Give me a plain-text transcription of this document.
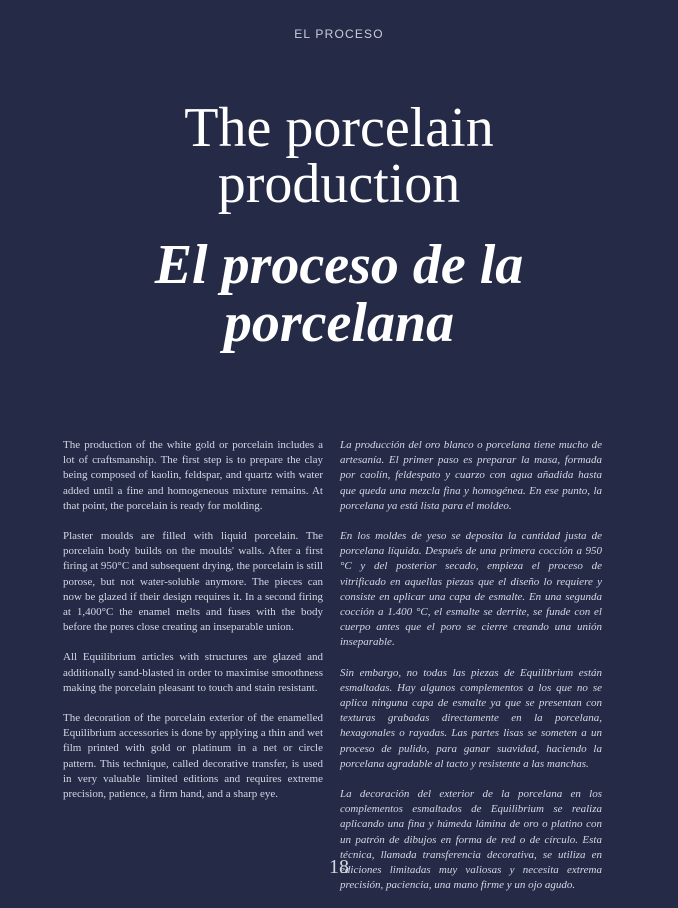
EL PROCESO
The porcelain
production
El proceso de la
porcelana

The production of the white gold or porcelain includes a lot of craftsmanship. The first step is to prepare the clay being composed of kaolin, feldspar, and quartz with water added until a fine and homogeneous mixture remains. At that point, the porcelain is ready for molding.

Plaster moulds are filled with liquid porcelain. The porcelain body builds on the moulds' walls. After a first firing at 950°C and subsequent drying, the porcelain is still porose, but not water-soluble anymore. The pieces can now be glazed if their design requires it. In a second firing at 1,400°C the enamel melts and fuses with the body before the pores close creating an inseparable union.

All Equilibrium articles with structures are glazed and additionally sand-blasted in order to maximise smoothness making the porcelain pleasant to touch and stain resistant.

The decoration of the porcelain exterior of the enamelled Equilibrium accessories is done by applying a thin and wet film printed with gold or platinum in a net or circle pattern. This technique, called decorative transfer, is used in very valuable limited editions and requires extreme precision, patience, a firm hand, and a sharp eye.

La producción del oro blanco o porcelana tiene mucho de artesanía. El primer paso es preparar la masa, formada por caolín, feldespato y cuarzo con agua añadida hasta que queda una mezcla fina y homogénea. En ese punto, la porcelana ya está lista para el moldeo.

En los moldes de yeso se deposita la cantidad justa de porcelana líquida. Después de una primera cocción a 950 °C y del posterior secado, empieza el proceso de vitrificado en aquellas piezas que el diseño lo requiere y consiste en aplicar una capa de esmalte. En una segunda cocción a 1.400 °C, el esmalte se derrite, se funde con el cuerpo antes que el poro se cierre creando una unión inseparable.

Sin embargo, no todas las piezas de Equilibrium están esmaltadas. Hay algunos complementos a los que no se aplica ninguna capa de esmalte ya que se presentan con texturas grabadas directamente en la porcelana, hexagonales o rayadas. Las partes lisas se someten a un proceso de pulido, para ganar suavidad, haciendo la porcelana agradable al tacto y resistente a las manchas.

La decoración del exterior de la porcelana en los complementos esmaltados de Equilibrium se realiza aplicando una fina y húmeda lámina de oro o platino con un patrón de dibujos en forma de red o de círculo. Esta técnica, llamada transferencia decorativa, se utiliza en ediciones limitadas muy valiosas y necesita extrema precisión, paciencia, una mano firme y un ojo agudo.

18
